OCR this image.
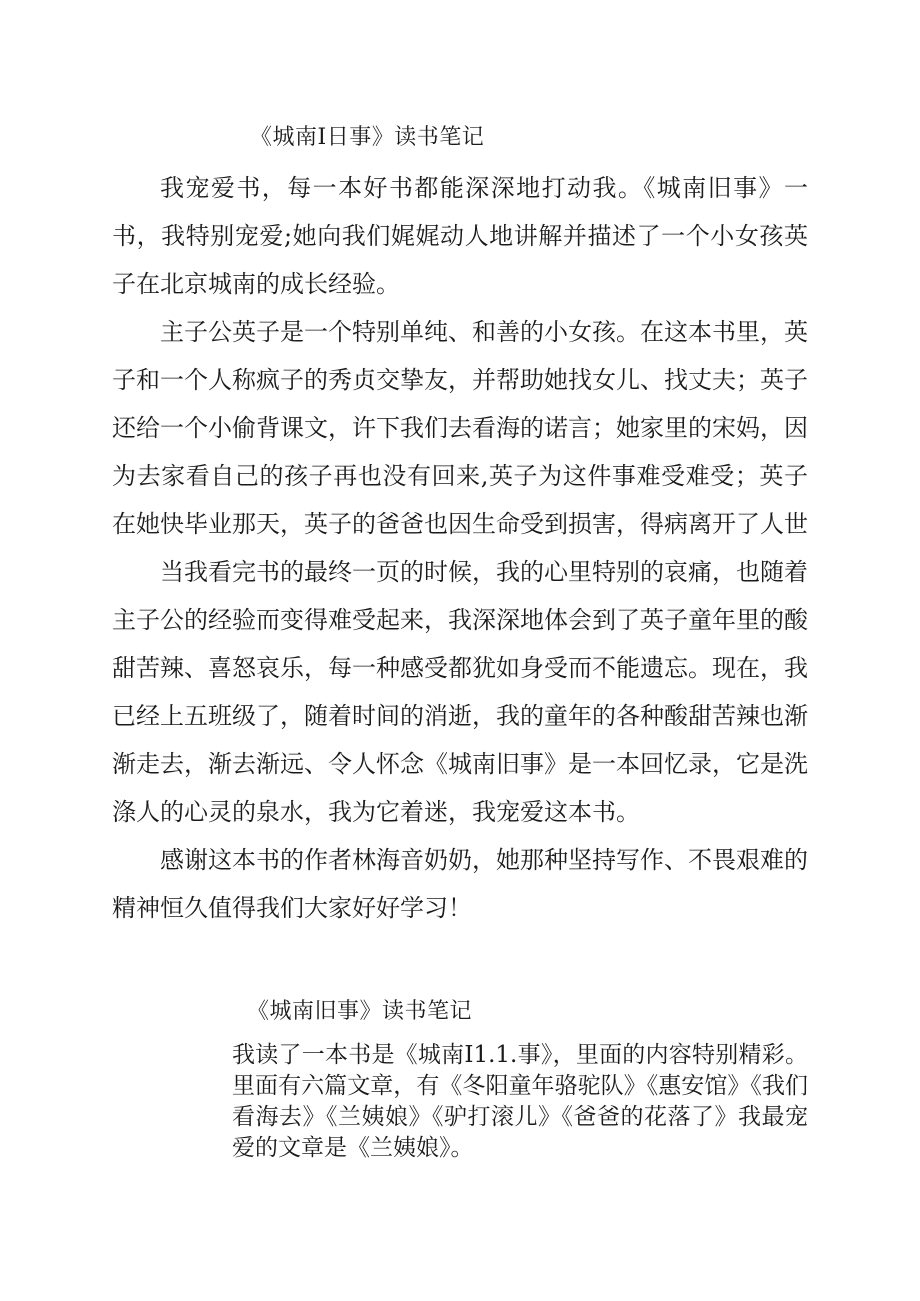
《城南I日事》读书笔记

我宠爱书，每一本好书都能深深地打动我。《城南旧事》一书，我特别宠爱;她向我们娓娓动人地讲解并描述了一个小女孩英子在北京城南的成长经验。

主子公英子是一个特别单纯、和善的小女孩。在这本书里，英子和一个人称疯子的秀贞交挚友，并帮助她找女儿、找丈夫；英子还给一个小偷背课文，许下我们去看海的诺言；她家里的宋妈，因为去家看自己的孩子再也没有回来,英子为这件事难受难受；英子在她快毕业那天，英子的爸爸也因生命受到损害，得病离开了人世

当我看完书的最终一页的时候，我的心里特别的哀痛，也随着主子公的经验而变得难受起来，我深深地体会到了英子童年里的酸甜苦辣、喜怒哀乐，每一种感受都犹如身受而不能遗忘。现在，我已经上五班级了，随着时间的消逝，我的童年的各种酸甜苦辣也渐渐走去，渐去渐远、令人怀念《城南旧事》是一本回忆录，它是洗涤人的心灵的泉水，我为它着迷，我宠爱这本书。

感谢这本书的作者林海音奶奶，她那种坚持写作、不畏艰难的精神恒久值得我们大家好好学习！

《城南旧事》读书笔记

我读了一本书是《城南I1.1.事》，里面的内容特别精彩。里面有六篇文章，有《冬阳童年骆驼队》《惠安馆》《我们看海去》《兰姨娘》《驴打滚儿》《爸爸的花落了》我最宠爱的文章是《兰姨娘》。
